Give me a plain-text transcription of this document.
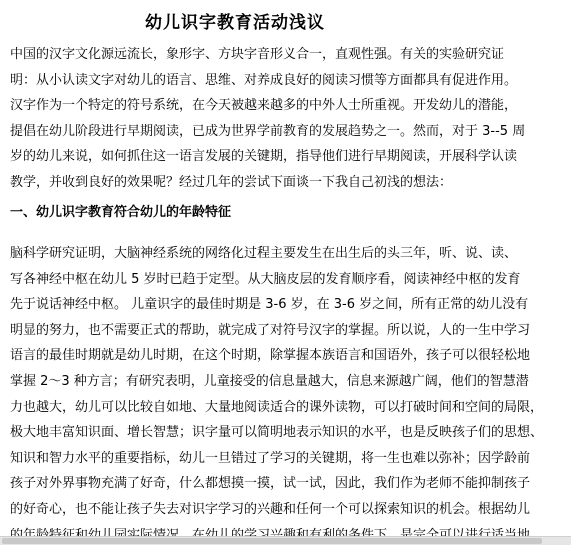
幼儿识字教育活动浅议
中国的汉字文化源远流长，象形字、方块字音形义合一，直观性强。有关的实验研究证
明：从小认读文字对幼儿的语言、思维、对养成良好的阅读习惯等方面都具有促进作用。
汉字作为一个特定的符号系统，在今天被越来越多的中外人士所重视。开发幼儿的潜能，
提倡在幼儿阶段进行早期阅读，已成为世界学前教育的发展趋势之一。然而，对于 3--5 周
岁的幼儿来说，如何抓住这一语言发展的关键期，指导他们进行早期阅读，开展科学认读
教学，并收到良好的效果呢？经过几年的尝试下面谈一下我自己初浅的想法：
一、幼儿识字教育符合幼儿的年龄特征
脑科学研究证明，大脑神经系统的网络化过程主要发生在出生后的头三年，听、说、读、
写各神经中枢在幼儿 5 岁时已趋于定型。从大脑皮层的发育顺序看，阅读神经中枢的发育
先于说话神经中枢。 儿童识字的最佳时期是 3-6 岁，在 3-6 岁之间，所有正常的幼儿没有
明显的努力，也不需要正式的帮助，就完成了对符号汉字的掌握。所以说，人的一生中学习
语言的最佳时期就是幼儿时期，在这个时期，除掌握本族语言和国语外，孩子可以很轻松地
掌握 2～3 种方言；有研究表明，儿童接受的信息量越大，信息来源越广阔，他们的智慧潜
力也越大，幼儿可以比较自如地、大量地阅读适合的课外读物，可以打破时间和空间的局限，
极大地丰富知识面、增长智慧；识字量可以简明地表示知识的水平，也是反映孩子们的思想、
知识和智力水平的重要指标，幼儿一旦错过了学习的关键期，将一生也难以弥补；因学龄前
孩子对外界事物充满了好奇，什么都想摸一摸，试一试，因此，我们作为老师不能抑制孩子
的好奇心，也不能让孩子失去对识字学习的兴趣和任何一个可以探索知识的机会。根据幼儿
